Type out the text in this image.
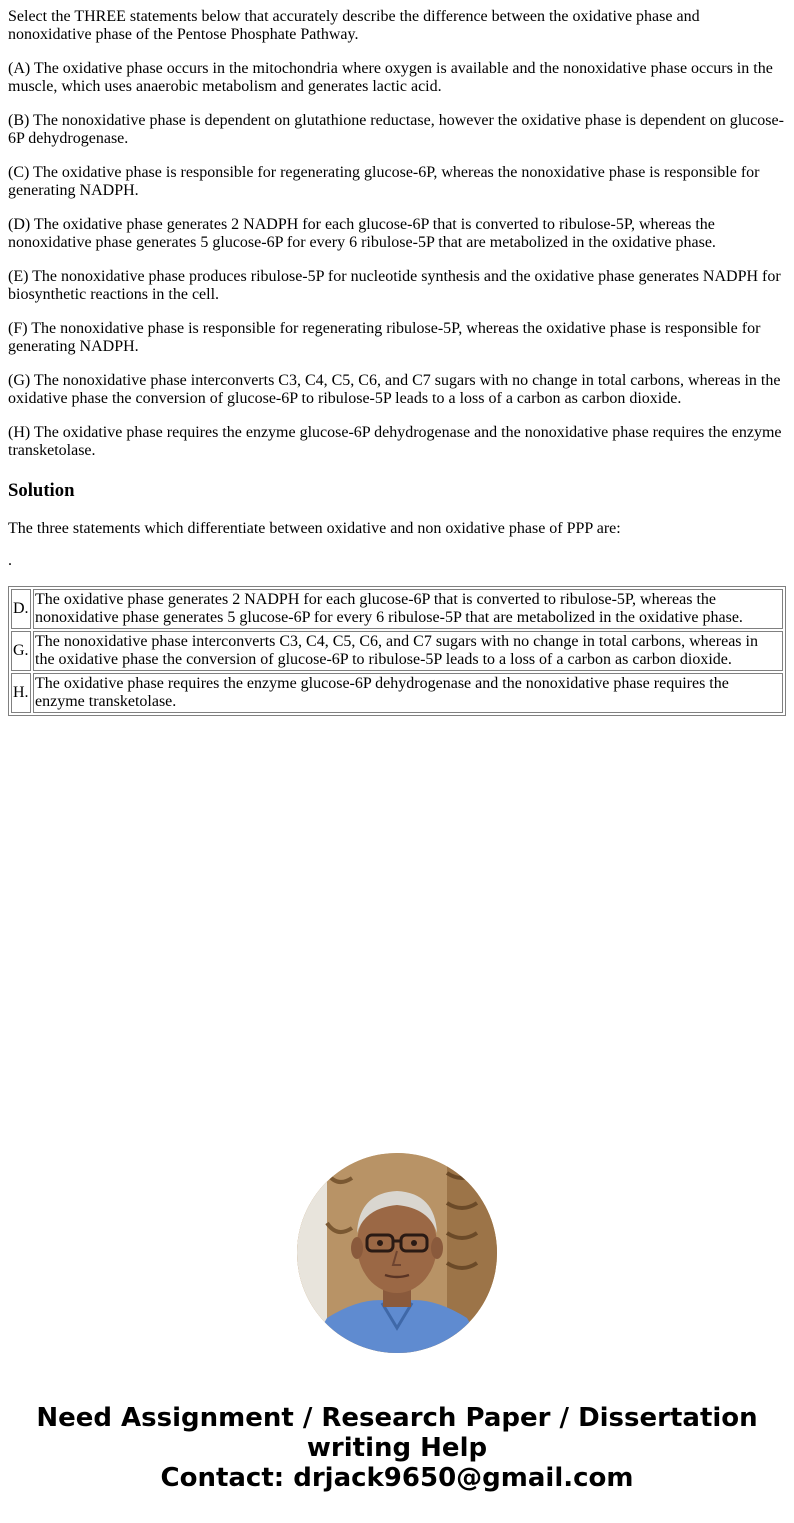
Select the THREE statements below that accurately describe the difference between the oxidative phase and nonoxidative phase of the Pentose Phosphate Pathway.

(A) The oxidative phase occurs in the mitochondria where oxygen is available and the nonoxidative phase occurs in the muscle, which uses anaerobic metabolism and generates lactic acid.

(B) The nonoxidative phase is dependent on glutathione reductase, however the oxidative phase is dependent on glucose-6P dehydrogenase.

(C) The oxidative phase is responsible for regenerating glucose-6P, whereas the nonoxidative phase is responsible for generating NADPH.

(D) The oxidative phase generates 2 NADPH for each glucose-6P that is converted to ribulose-5P, whereas the nonoxidative phase generates 5 glucose-6P for every 6 ribulose-5P that are metabolized in the oxidative phase.

(E) The nonoxidative phase produces ribulose-5P for nucleotide synthesis and the oxidative phase generates NADPH for biosynthetic reactions in the cell.

(F) The nonoxidative phase is responsible for regenerating ribulose-5P, whereas the oxidative phase is responsible for generating NADPH.

(G) The nonoxidative phase interconverts C3, C4, C5, C6, and C7 sugars with no change in total carbons, whereas in the oxidative phase the conversion of glucose-6P to ribulose-5P leads to a loss of a carbon as carbon dioxide.

(H) The oxidative phase requires the enzyme glucose-6P dehydrogenase and the nonoxidative phase requires the enzyme transketolase.

Solution

The three statements which differentiate between oxidative and non oxidative phase of PPP are:

.

D.	The oxidative phase generates 2 NADPH for each glucose-6P that is converted to ribulose-5P, whereas the nonoxidative phase generates 5 glucose-6P for every 6 ribulose-5P that are metabolized in the oxidative phase.
G.	The nonoxidative phase interconverts C3, C4, C5, C6, and C7 sugars with no change in total carbons, whereas in the oxidative phase the conversion of glucose-6P to ribulose-5P leads to a loss of a carbon as carbon dioxide.
H.	The oxidative phase requires the enzyme glucose-6P dehydrogenase and the nonoxidative phase requires the enzyme transketolase.
Need Assignment / Research Paper / Dissertation
writing Help
Contact: drjack9650@gmail.com
